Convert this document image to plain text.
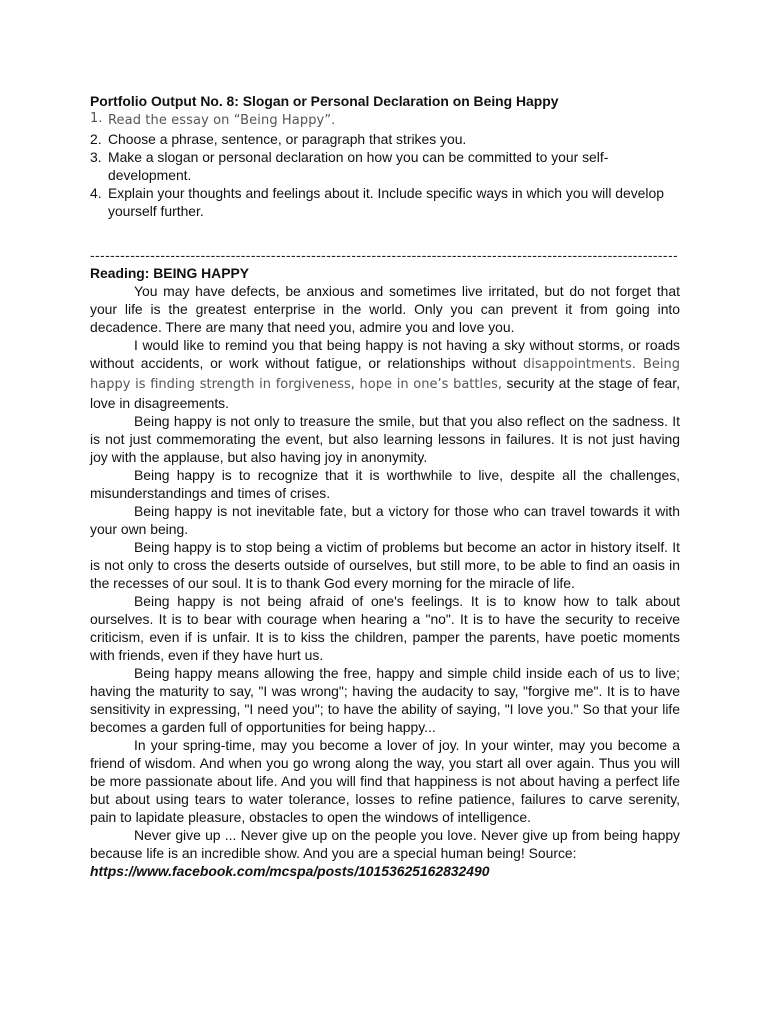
Portfolio Output No. 8: Slogan or Personal Declaration on Being Happy

1. Read the essay on “Being Happy”.
2. Choose a phrase, sentence, or paragraph that strikes you.
3. Make a slogan or personal declaration on how you can be committed to your self-development.
4. Explain your thoughts and feelings about it. Include specific ways in which you will develop yourself further.
---------------------------------------------------------------------------------------------------------------------

Reading: BEING HAPPY

You may have defects, be anxious and sometimes live irritated, but do not forget that your life is the greatest enterprise in the world. Only you can prevent it from going into decadence. There are many that need you, admire you and love you.

I would like to remind you that being happy is not having a sky without storms, or roads without accidents, or work without fatigue, or relationships without disappointments. Being happy is finding strength in forgiveness, hope in one’s battles, security at the stage of fear, love in disagreements.

Being happy is not only to treasure the smile, but that you also reflect on the sadness. It is not just commemorating the event, but also learning lessons in failures. It is not just having joy with the applause, but also having joy in anonymity.

Being happy is to recognize that it is worthwhile to live, despite all the challenges, misunderstandings and times of crises.

Being happy is not inevitable fate, but a victory for those who can travel towards it with your own being.

Being happy is to stop being a victim of problems but become an actor in history itself. It is not only to cross the deserts outside of ourselves, but still more, to be able to find an oasis in the recesses of our soul. It is to thank God every morning for the miracle of life.

Being happy is not being afraid of one's feelings. It is to know how to talk about ourselves. It is to bear with courage when hearing a "no". It is to have the security to receive criticism, even if is unfair. It is to kiss the children, pamper the parents, have poetic moments with friends, even if they have hurt us.

Being happy means allowing the free, happy and simple child inside each of us to live; having the maturity to say, "I was wrong"; having the audacity to say, "forgive me". It is to have sensitivity in expressing, "I need you"; to have the ability of saying, "I love you." So that your life becomes a garden full of opportunities for being happy...

In your spring-time, may you become a lover of joy. In your winter, may you become a friend of wisdom. And when you go wrong along the way, you start all over again. Thus you will be more passionate about life. And you will find that happiness is not about having a perfect life but about using tears to water tolerance, losses to refine patience, failures to carve serenity, pain to lapidate pleasure, obstacles to open the windows of intelligence.

Never give up ... Never give up on the people you love. Never give up from being happy because life is an incredible show. And you are a special human being! Source:

https://www.facebook.com/mcspa/posts/10153625162832490
